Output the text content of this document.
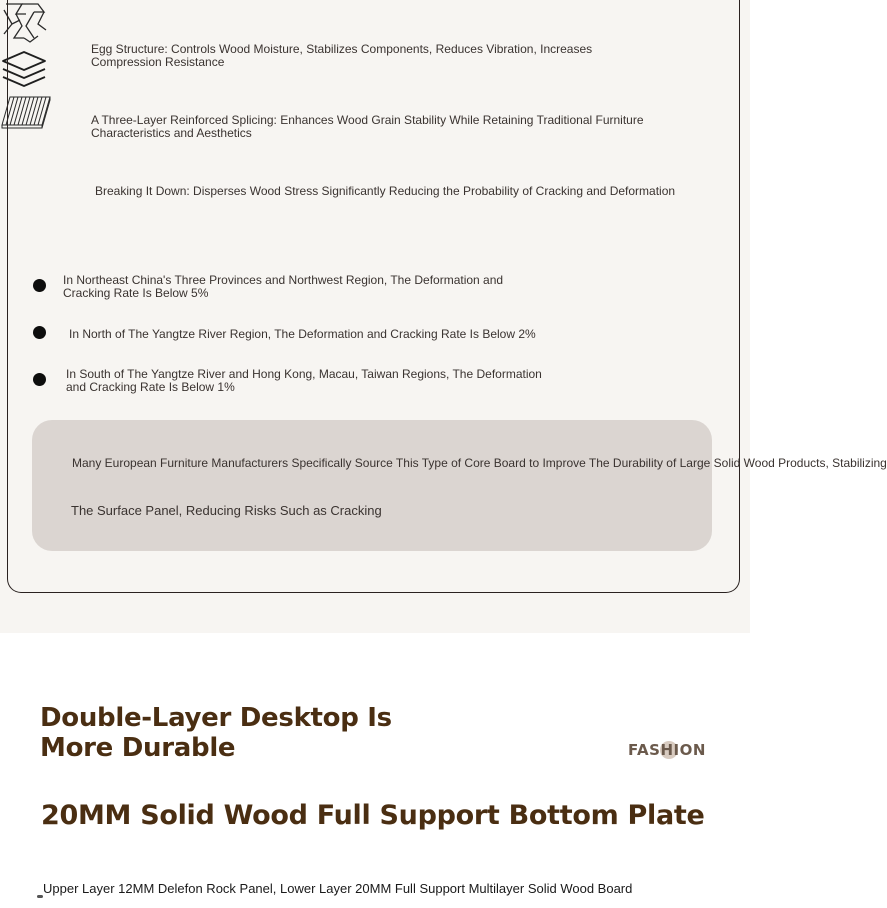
Egg Structure: Controls Wood Moisture, Stabilizes Components, Reduces Vibration, Increases Compression Resistance
A Three-Layer Reinforced Splicing: Enhances Wood Grain Stability While Retaining Traditional Furniture Characteristics and Aesthetics
Breaking It Down: Disperses Wood Stress Significantly Reducing the Probability of Cracking and Deformation
In Northeast China's Three Provinces and Northwest Region, The Deformation and Cracking Rate Is Below 5%
In North of The Yangtze River Region, The Deformation and Cracking Rate Is Below 2%
In South of The Yangtze River and Hong Kong, Macau, Taiwan Regions, The Deformation and Cracking Rate Is Below 1%
Many European Furniture Manufacturers Specifically Source This Type of Core Board to Improve The Durability of Large Solid Wood Products, Stabilizing
The Surface Panel, Reducing Risks Such as Cracking
Double-Layer Desktop Is More Durable	FASHION
20MM Solid Wood Full Support Bottom Plate
Upper Layer 12MM Delefon Rock Panel, Lower Layer 20MM Full Support Multilayer Solid Wood Board
